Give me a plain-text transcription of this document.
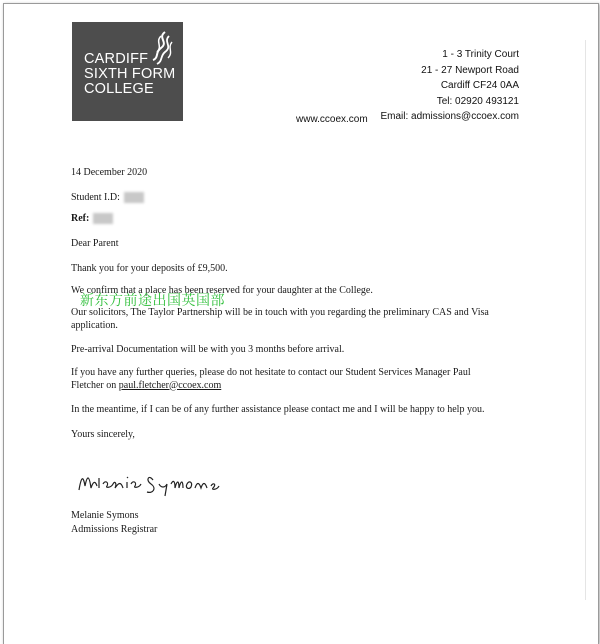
CARDIFF
SIXTH FORM
COLLEGE
1 - 3 Trinity Court
21 - 27 Newport Road
Cardiff CF24 0AA
Tel: 02920 493121
Email: admissions@ccoex.com
www.ccoex.com
14 December 2020
Student I.D:
Ref:
Dear Parent
Thank you for your deposits of £9,500.
We confirm that a place has been reserved for your daughter at the College.
Our solicitors, The Taylor Partnership will be in touch with you regarding the preliminary CAS and Visa
application.
Pre-arrival Documentation will be with you 3 months before arrival.
If you have any further queries, please do not hesitate to contact our Student Services Manager Paul
Fletcher on paul.fletcher@ccoex.com
In the meantime, if I can be of any further assistance please contact me and I will be happy to help you.
Yours sincerely,
Melanie Symons
Admissions Registrar
新东方前途出国英国部
